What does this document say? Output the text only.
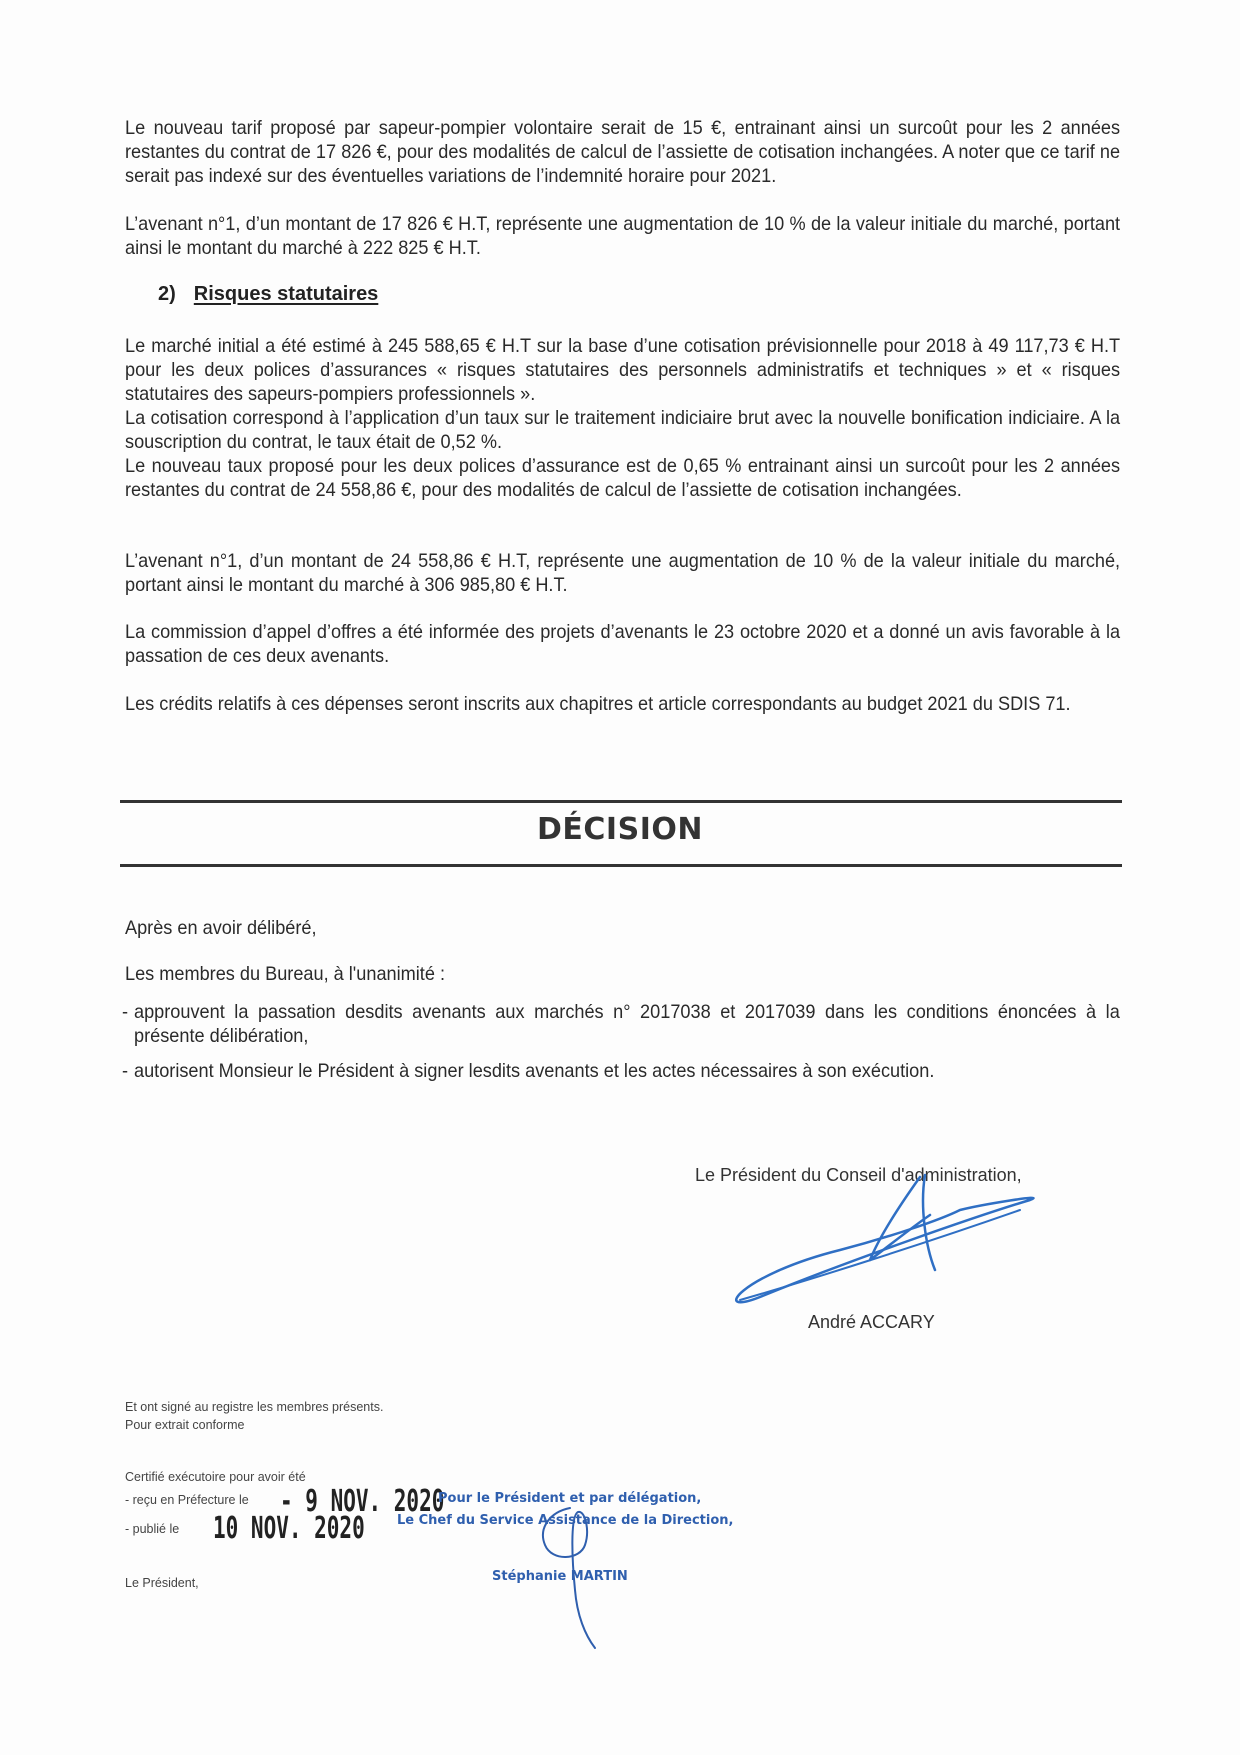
Le nouveau tarif proposé par sapeur-pompier volontaire serait de 15 €, entrainant ainsi un surcoût pour les 2 années restantes du contrat de 17 826 €, pour des modalités de calcul de l’assiette de cotisation inchangées. A noter que ce tarif ne serait pas indexé sur des éventuelles variations de l’indemnité horaire pour 2021.

L’avenant n°1, d’un montant de 17 826 € H.T, représente une augmentation de 10 % de la valeur initiale du marché, portant ainsi le montant du marché à 222 825 € H.T.

2) Risques statutaires

Le marché initial a été estimé à 245 588,65 € H.T sur la base d’une cotisation prévisionnelle pour 2018 à 49 117,73 € H.T pour les deux polices d’assurances « risques statutaires des personnels administratifs et techniques » et « risques statutaires des sapeurs-pompiers professionnels ».

La cotisation correspond à l’application d’un taux sur le traitement indiciaire brut avec la nouvelle bonification indiciaire. A la souscription du contrat, le taux était de 0,52 %.

Le nouveau taux proposé pour les deux polices d’assurance est de 0,65 % entrainant ainsi un surcoût pour les 2 années restantes du contrat de 24 558,86 €, pour des modalités de calcul de l’assiette de cotisation inchangées.

L’avenant n°1, d’un montant de 24 558,86 € H.T, représente une augmentation de 10 % de la valeur initiale du marché, portant ainsi le montant du marché à 306 985,80 € H.T.

La commission d’appel d’offres a été informée des projets d’avenants le 23 octobre 2020 et a donné un avis favorable à la passation de ces deux avenants.

Les crédits relatifs à ces dépenses seront inscrits aux chapitres et article correspondants au budget 2021 du SDIS 71.

DÉCISION

Après en avoir délibéré,

Les membres du Bureau, à l'unanimité :

- approuvent la passation desdits avenants aux marchés n° 2017038 et 2017039 dans les conditions énoncées à la présente délibération,

- autorisent Monsieur le Président à signer lesdits avenants et les actes nécessaires à son exécution.

Le Président du Conseil d'administration,
André ACCARY
Et ont signé au registre les membres présents.
Pour extrait conforme
Certifié exécutoire pour avoir été
- reçu en Préfecture le - 9 NOV. 2020
- publié le 10 NOV. 2020
Le Président,
Pour le Président et par délégation,
Le Chef du Service Assistance de la Direction,
Stéphanie MARTIN
